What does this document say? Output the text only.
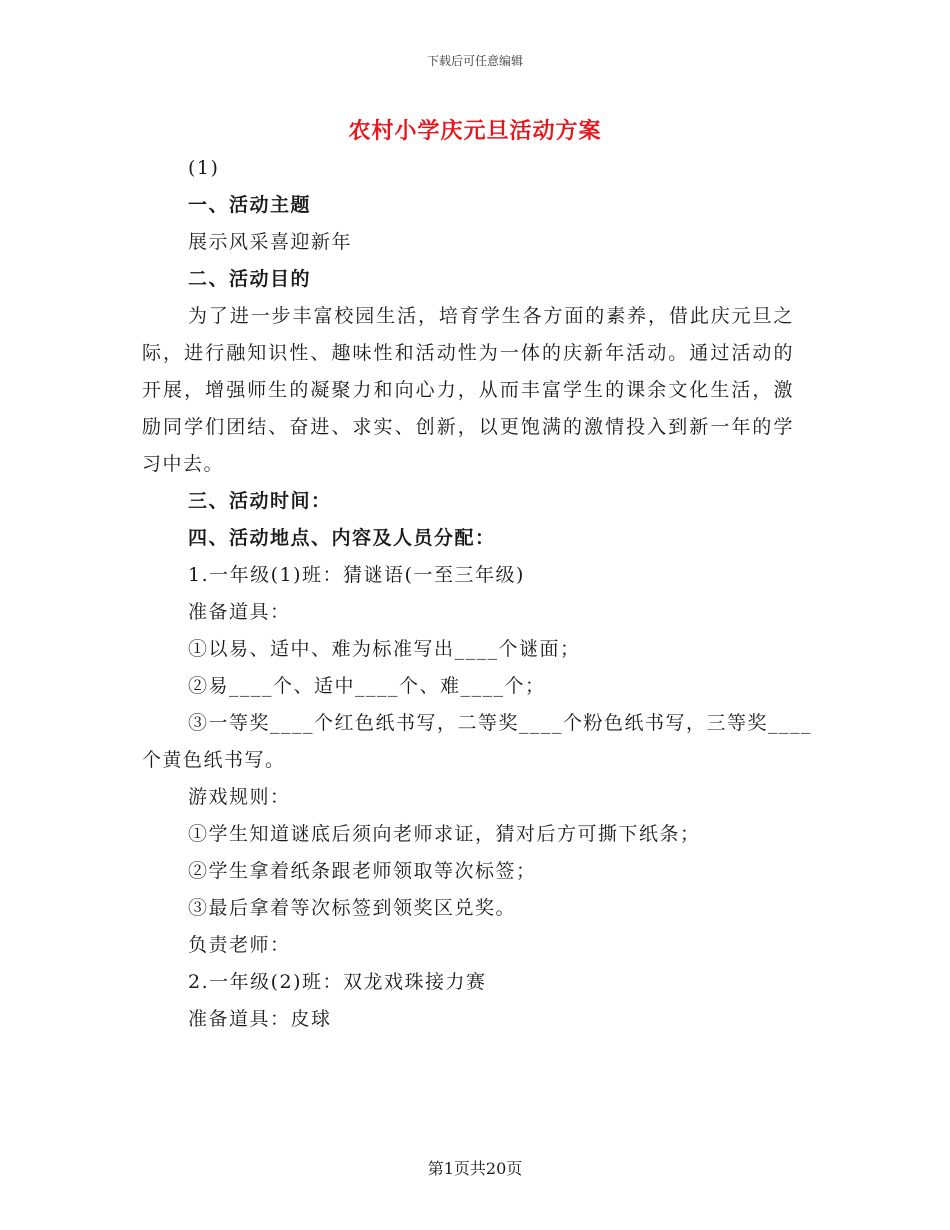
下载后可任意编辑
农村小学庆元旦活动方案
(1)
一、活动主题
展示风采喜迎新年
二、活动目的

为了进一步丰富校园生活，培育学生各方面的素养，借此庆元旦之际，进行融知识性、趣味性和活动性为一体的庆新年活动。通过活动的开展，增强师生的凝聚力和向心力，从而丰富学生的课余文化生活，激励同学们团结、奋进、求实、创新，以更饱满的激情投入到新一年的学习中去。

三、活动时间：
四、活动地点、内容及人员分配：
1.一年级(1)班：猜谜语(一至三年级)
准备道具：
①以易、适中、难为标准写出____个谜面；
②易____个、适中____个、难____个；

③一等奖____个红色纸书写，二等奖____个粉色纸书写，三等奖____个黄色纸书写。

游戏规则：
①学生知道谜底后须向老师求证，猜对后方可撕下纸条；
②学生拿着纸条跟老师领取等次标签；
③最后拿着等次标签到领奖区兑奖。
负责老师：
2.一年级(2)班：双龙戏珠接力赛
准备道具：皮球
第1页共20页
